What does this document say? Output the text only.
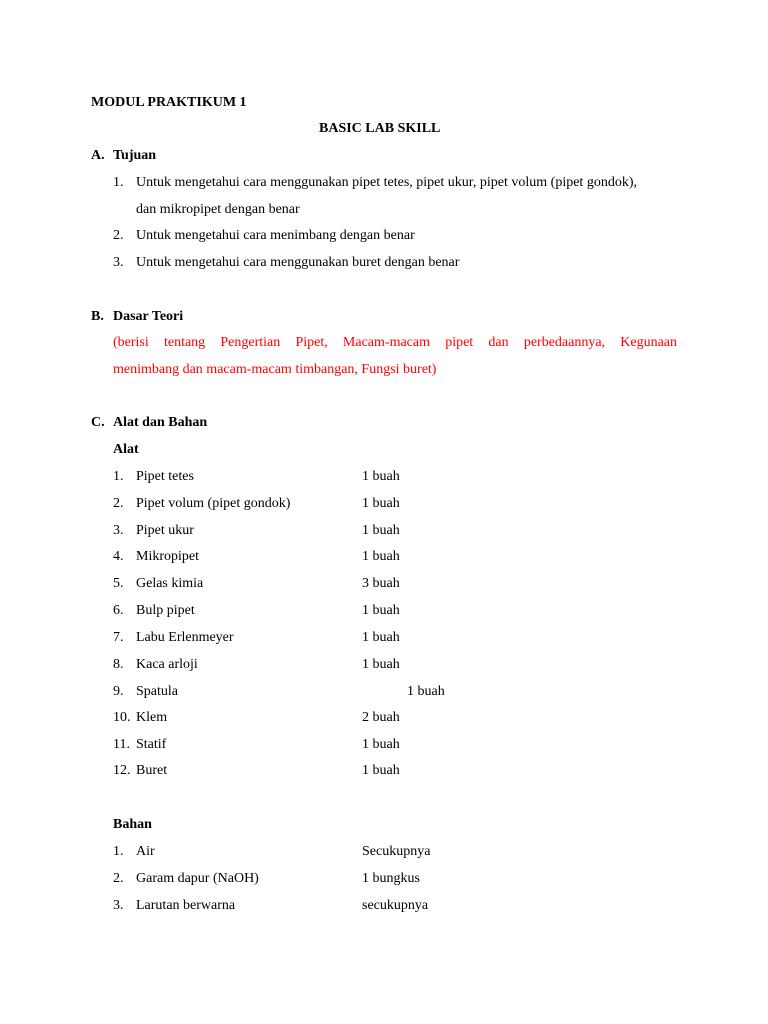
MODUL PRAKTIKUM 1
BASIC LAB SKILL
A. Tujuan
1. Untuk mengetahui cara menggunakan pipet tetes, pipet ukur, pipet volum (pipet gondok),
dan mikropipet dengan benar
2. Untuk mengetahui cara menimbang dengan benar
3. Untuk mengetahui cara menggunakan buret dengan benar
B. Dasar Teori
(berisi tentang Pengertian Pipet, Macam-macam pipet dan perbedaannya, Kegunaan
menimbang dan macam-macam timbangan, Fungsi buret)
C. Alat dan Bahan
Alat
1. Pipet tetes	1 buah
2. Pipet volum (pipet gondok)	1 buah
3. Pipet ukur	1 buah
4. Mikropipet	1 buah
5. Gelas kimia	3 buah
6. Bulp pipet	1 buah
7. Labu Erlenmeyer	1 buah
8. Kaca arloji	1 buah
9. Spatula	1 buah
10. Klem	2 buah
11. Statif	1 buah
12. Buret	1 buah
Bahan
1. Air	Secukupnya
2. Garam dapur (NaOH)	1 bungkus
3. Larutan berwarna	secukupnya
